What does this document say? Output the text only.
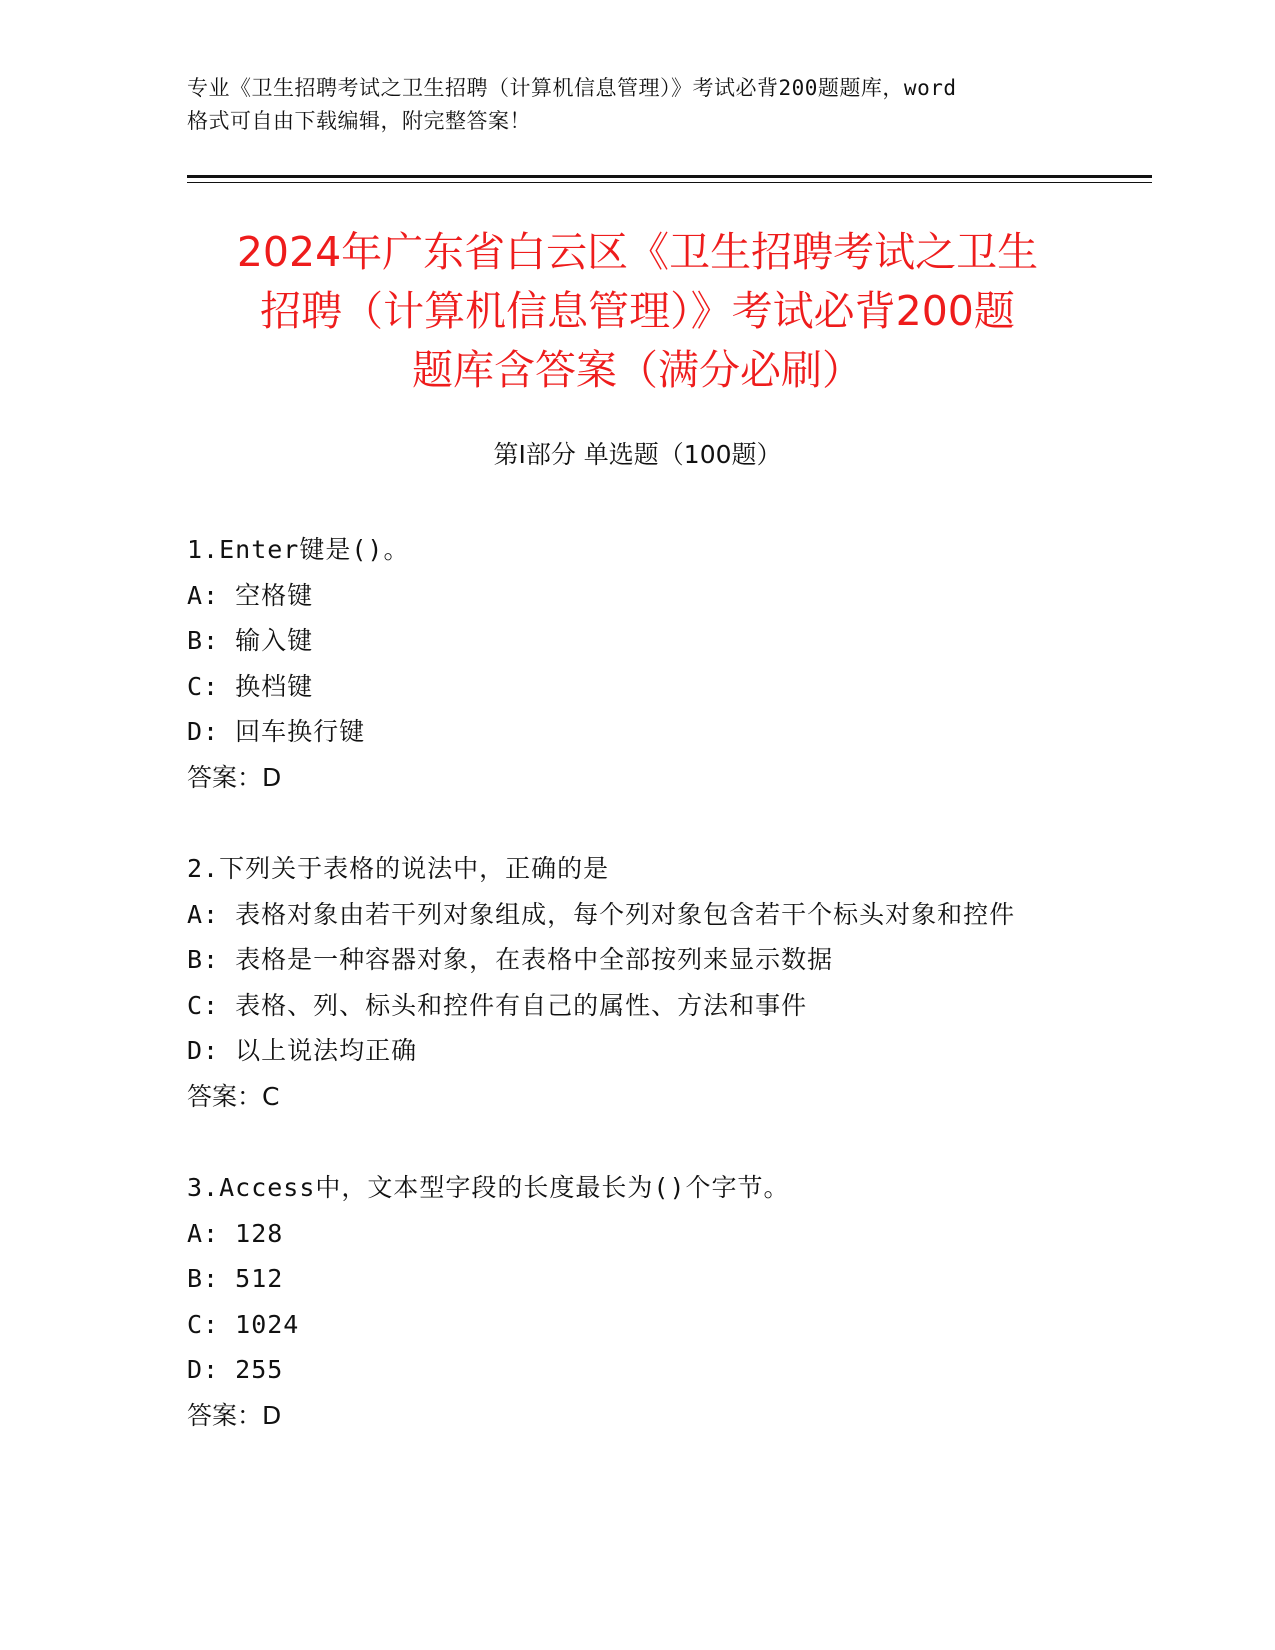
专业《卫生招聘考试之卫生招聘（计算机信息管理）》考试必背200题题库，word
格式可自由下载编辑，附完整答案！
2024年广东省白云区《卫生招聘考试之卫生
招聘（计算机信息管理）》考试必背200题
题库含答案（满分必刷）
第Ⅰ部分 单选题（100题）
1.Enter键是()。
A: 空格键
B: 输入键
C: 换档键
D: 回车换行键
答案：D
2.下列关于表格的说法中，正确的是
A: 表格对象由若干列对象组成，每个列对象包含若干个标头对象和控件
B: 表格是一种容器对象，在表格中全部按列来显示数据
C: 表格、列、标头和控件有自己的属性、方法和事件
D: 以上说法均正确
答案：C
3.Access中，文本型字段的长度最长为()个字节。
A: 128
B: 512
C: 1024
D: 255
答案：D
